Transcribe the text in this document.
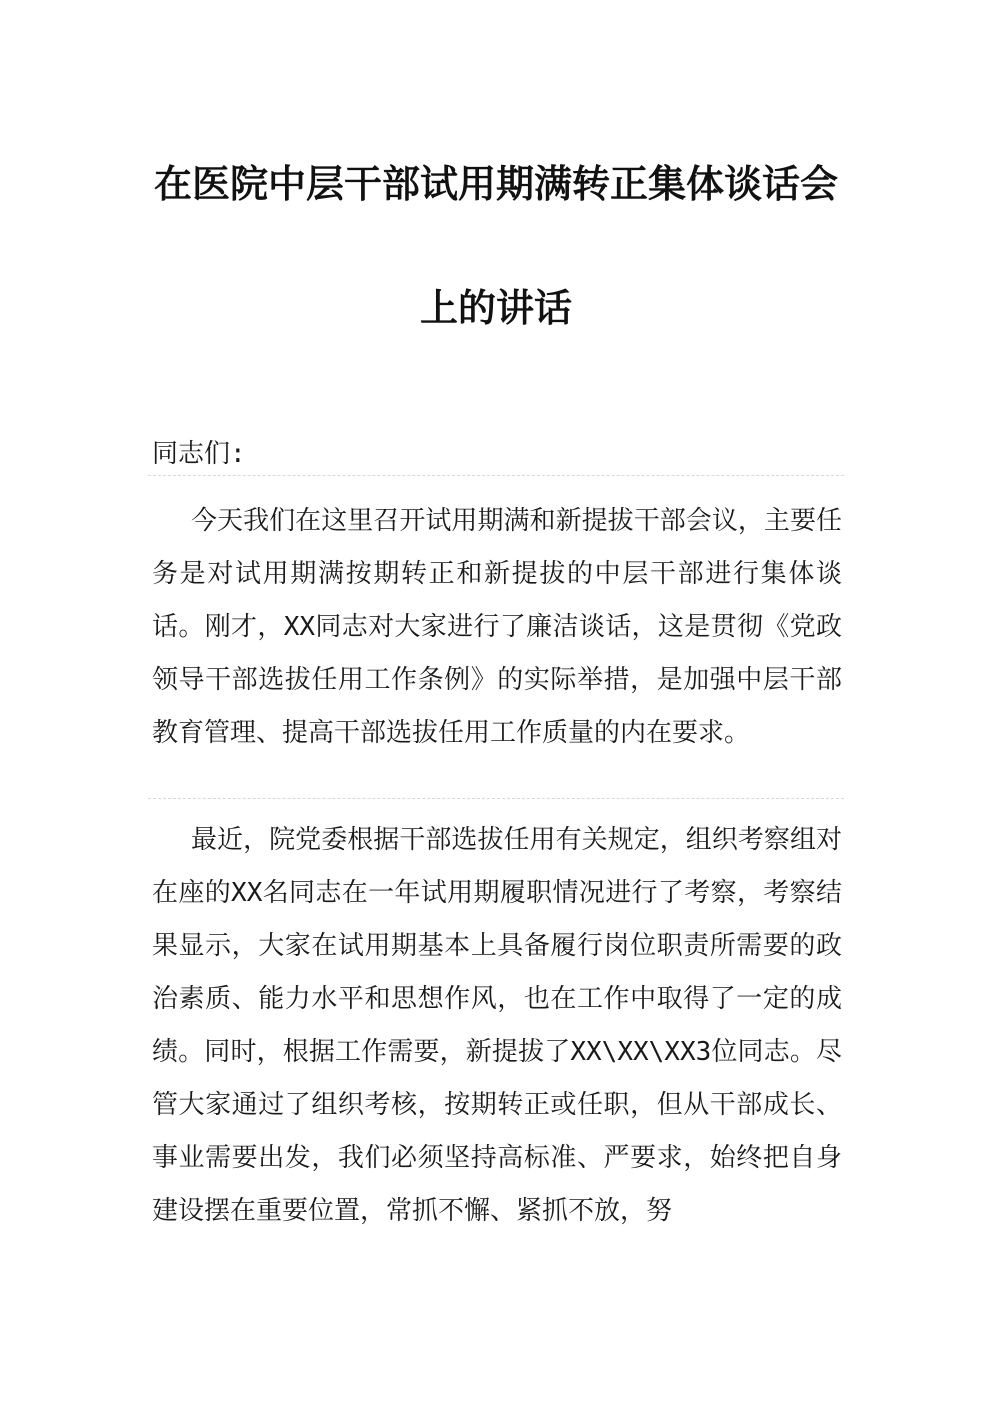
在医院中层干部试用期满转正集体谈话会
上的讲话
同志们:

今天我们在这里召开试用期满和新提拔干部会议，主要任务是对试用期满按期转正和新提拔的中层干部进行集体谈话。刚才，XX同志对大家进行了廉洁谈话，这是贯彻《党政领导干部选拔任用工作条例》的实际举措，是加强中层干部教育管理、提高干部选拔任用工作质量的内在要求。

最近，院党委根据干部选拔任用有关规定，组织考察组对在座的XX名同志在一年试用期履职情况进行了考察，考察结果显示，大家在试用期基本上具备履行岗位职责所需要的政治素质、能力水平和思想作风，也在工作中取得了一定的成绩。同时，根据工作需要，新提拔了XX\XX\XX3位同志。尽管大家通过了组织考核，按期转正或任职，但从干部成长、事业需要出发，我们必须坚持高标准、严要求，始终把自身建设摆在重要位置，常抓不懈、紧抓不放，努
